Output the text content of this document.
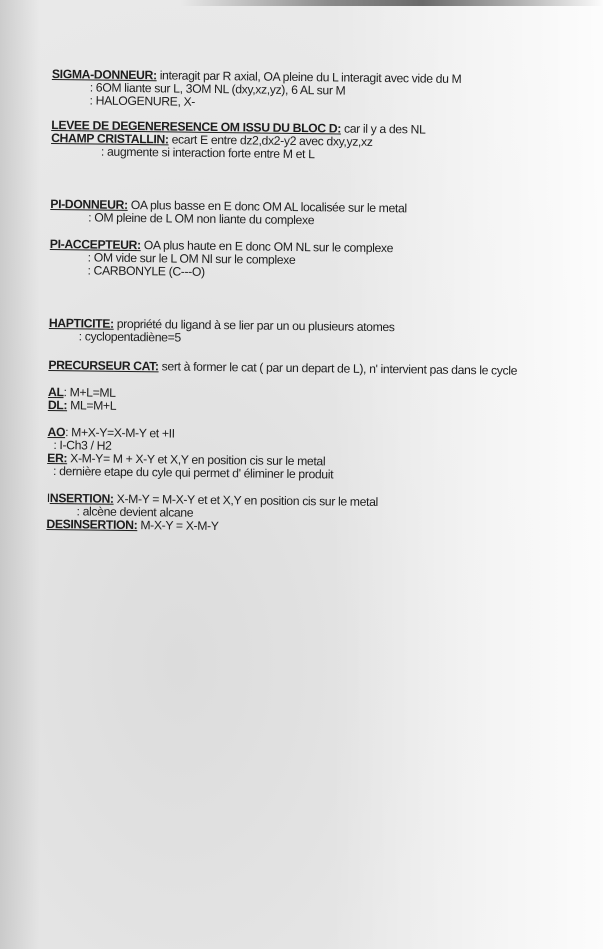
SIGMA-DONNEUR: interagit par R axial, OA pleine du L interagit avec vide du M
: 6OM liante sur L, 3OM NL (dxy,xz,yz), 6 AL sur M
: HALOGENURE, X-
LEVEE DE DEGENERESENCE OM ISSU DU BLOC D: car il y a des NL
CHAMP CRISTALLIN: ecart E entre dz2,dx2-y2 avec dxy,yz,xz
: augmente si interaction forte entre M et L
PI-DONNEUR: OA plus basse en E donc OM AL localisée sur le metal
: OM pleine de L OM non liante du complexe
PI-ACCEPTEUR: OA plus haute en E donc OM NL sur le complexe
: OM vide sur le L OM Nl sur le complexe
: CARBONYLE (C---O)
HAPTICITE: propriété du ligand à se lier par un ou plusieurs atomes
: cyclopentadiène=5
PRECURSEUR CAT: sert à former le cat ( par un depart de L), n' intervient pas dans le cycle
AL: M+L=ML
DL: ML=M+L
AO: M+X-Y=X-M-Y et +II
: I-Ch3 / H2
ER: X-M-Y= M + X-Y et X,Y en position cis sur le metal
: dernière etape du cyle qui permet d' éliminer le produit
INSERTION: X-M-Y = M-X-Y et et X,Y en position cis sur le metal
: alcène devient alcane
DESINSERTION: M-X-Y = X-M-Y
